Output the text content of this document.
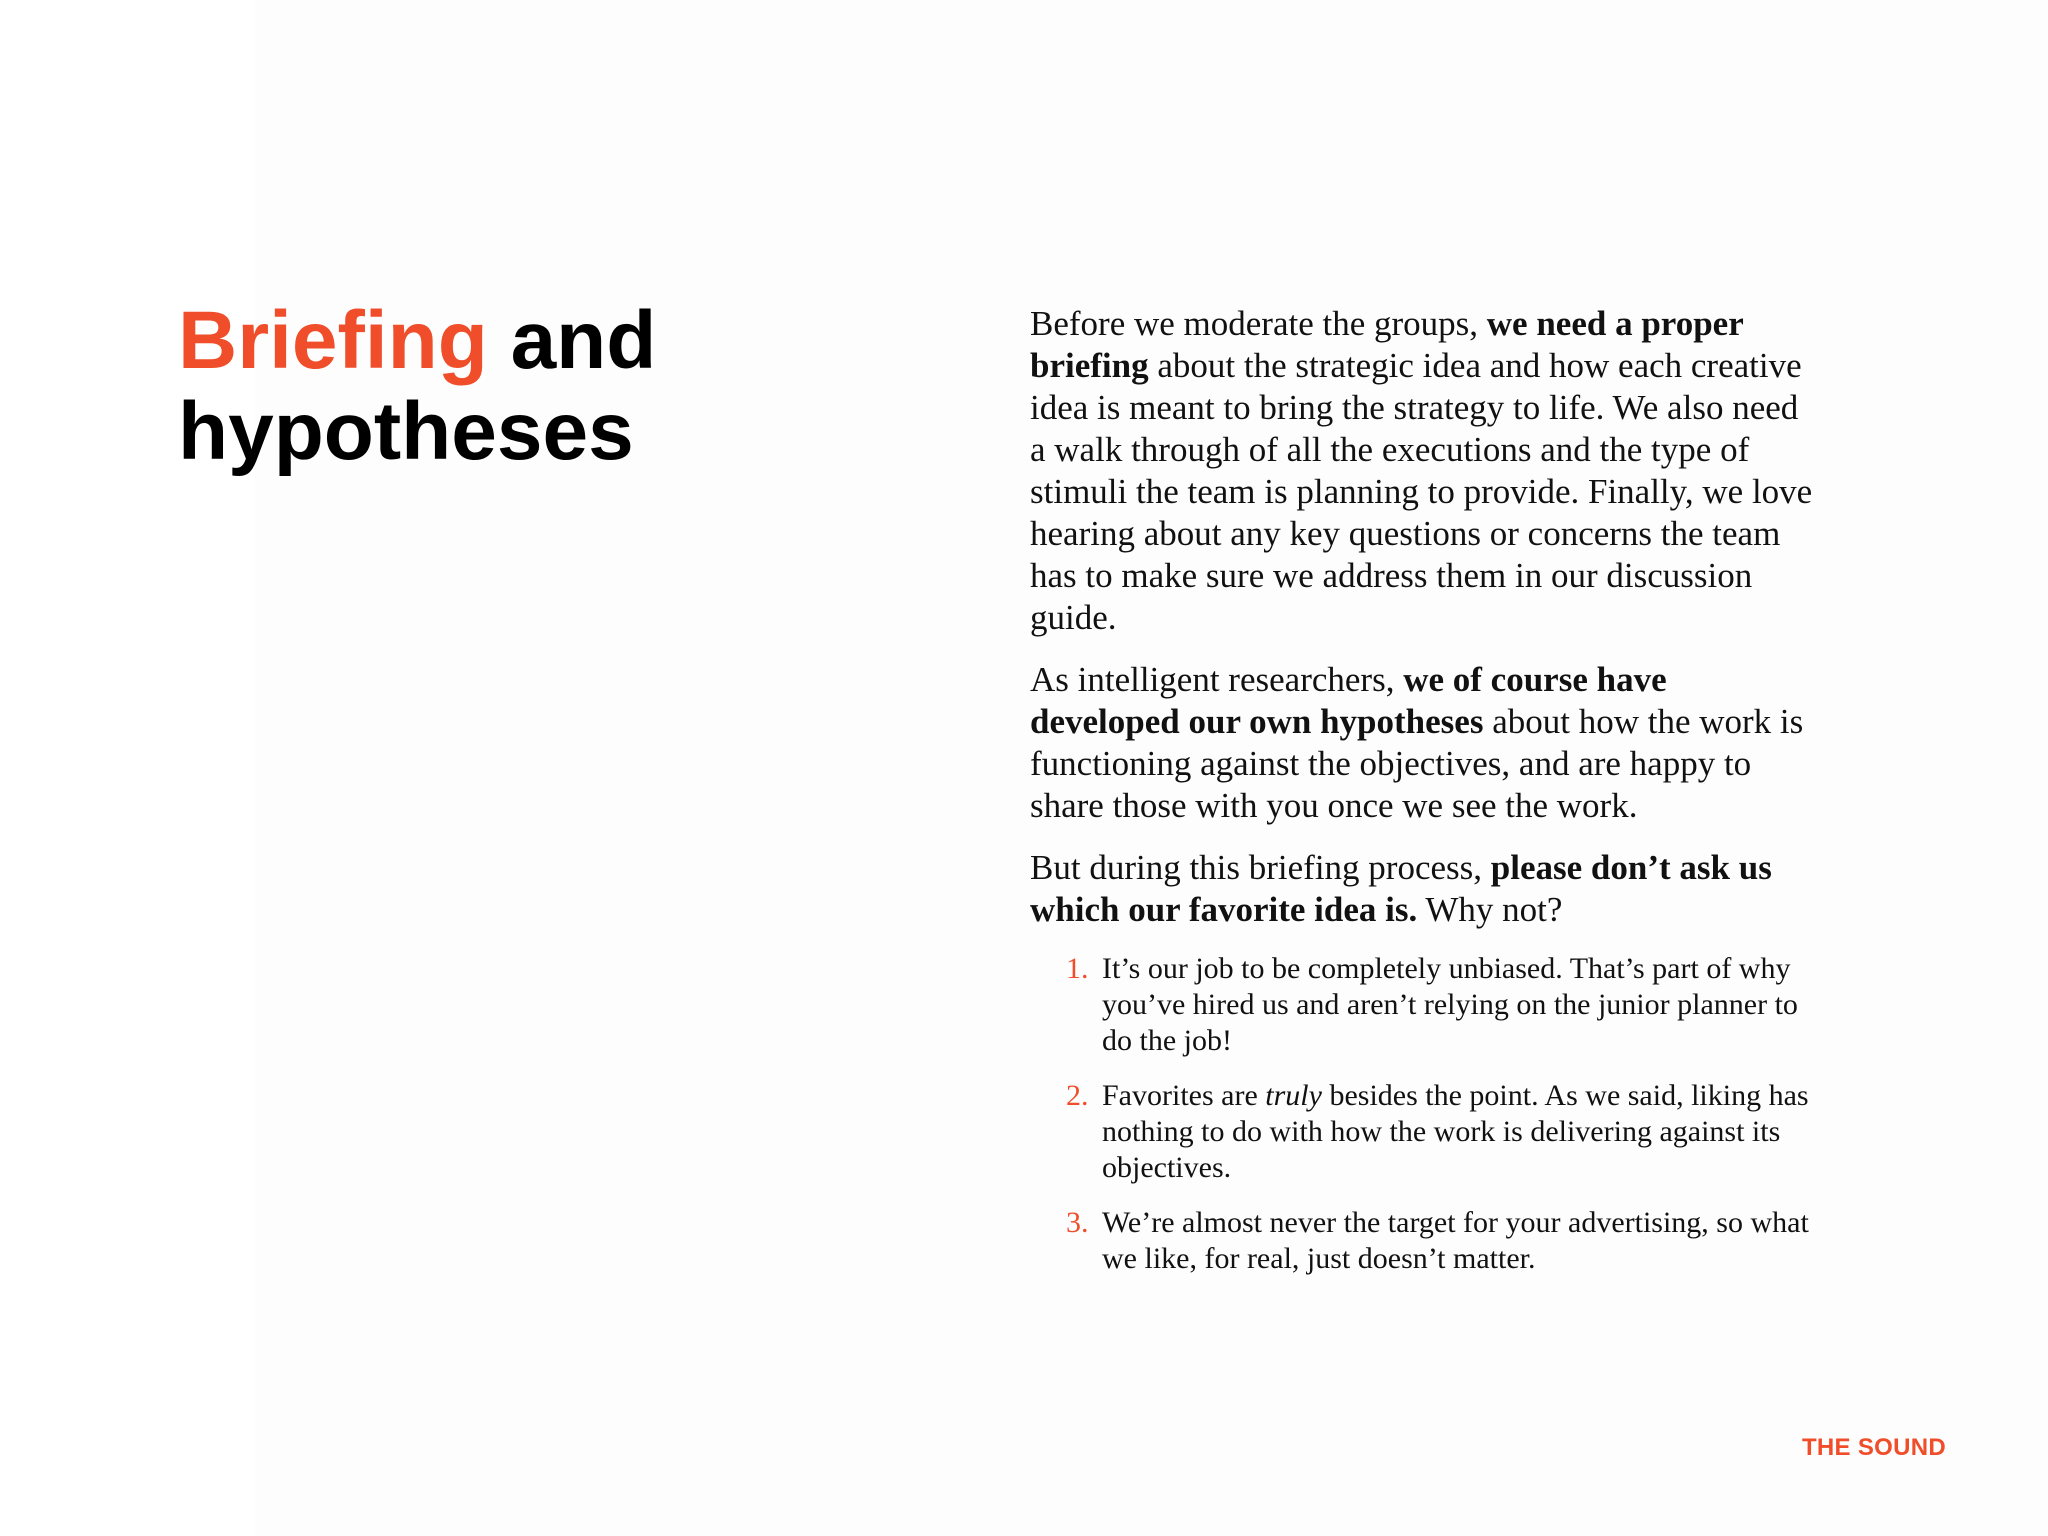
Briefing and
hypotheses

Before we moderate the groups, we need a proper briefing about the strategic idea and how each creative idea is meant to bring the strategy to life. We also need a walk through of all the executions and the type of stimuli the team is planning to provide. Finally, we love hearing about any key questions or concerns the team has to make sure we address them in our discussion guide.

As intelligent researchers, we of course have developed our own hypotheses about how the work is functioning against the objectives, and are happy to share those with you once we see the work.

But during this briefing process, please don’t ask us which our favorite idea is. Why not?

1. It’s our job to be completely unbiased. That’s part of why you’ve hired us and aren’t relying on the junior planner to do the job!
2. Favorites are truly besides the point. As we said, liking has nothing to do with how the work is delivering against its objectives.
3. We’re almost never the target for your advertising, so what we like, for real, just doesn’t matter.
THE SOUND
